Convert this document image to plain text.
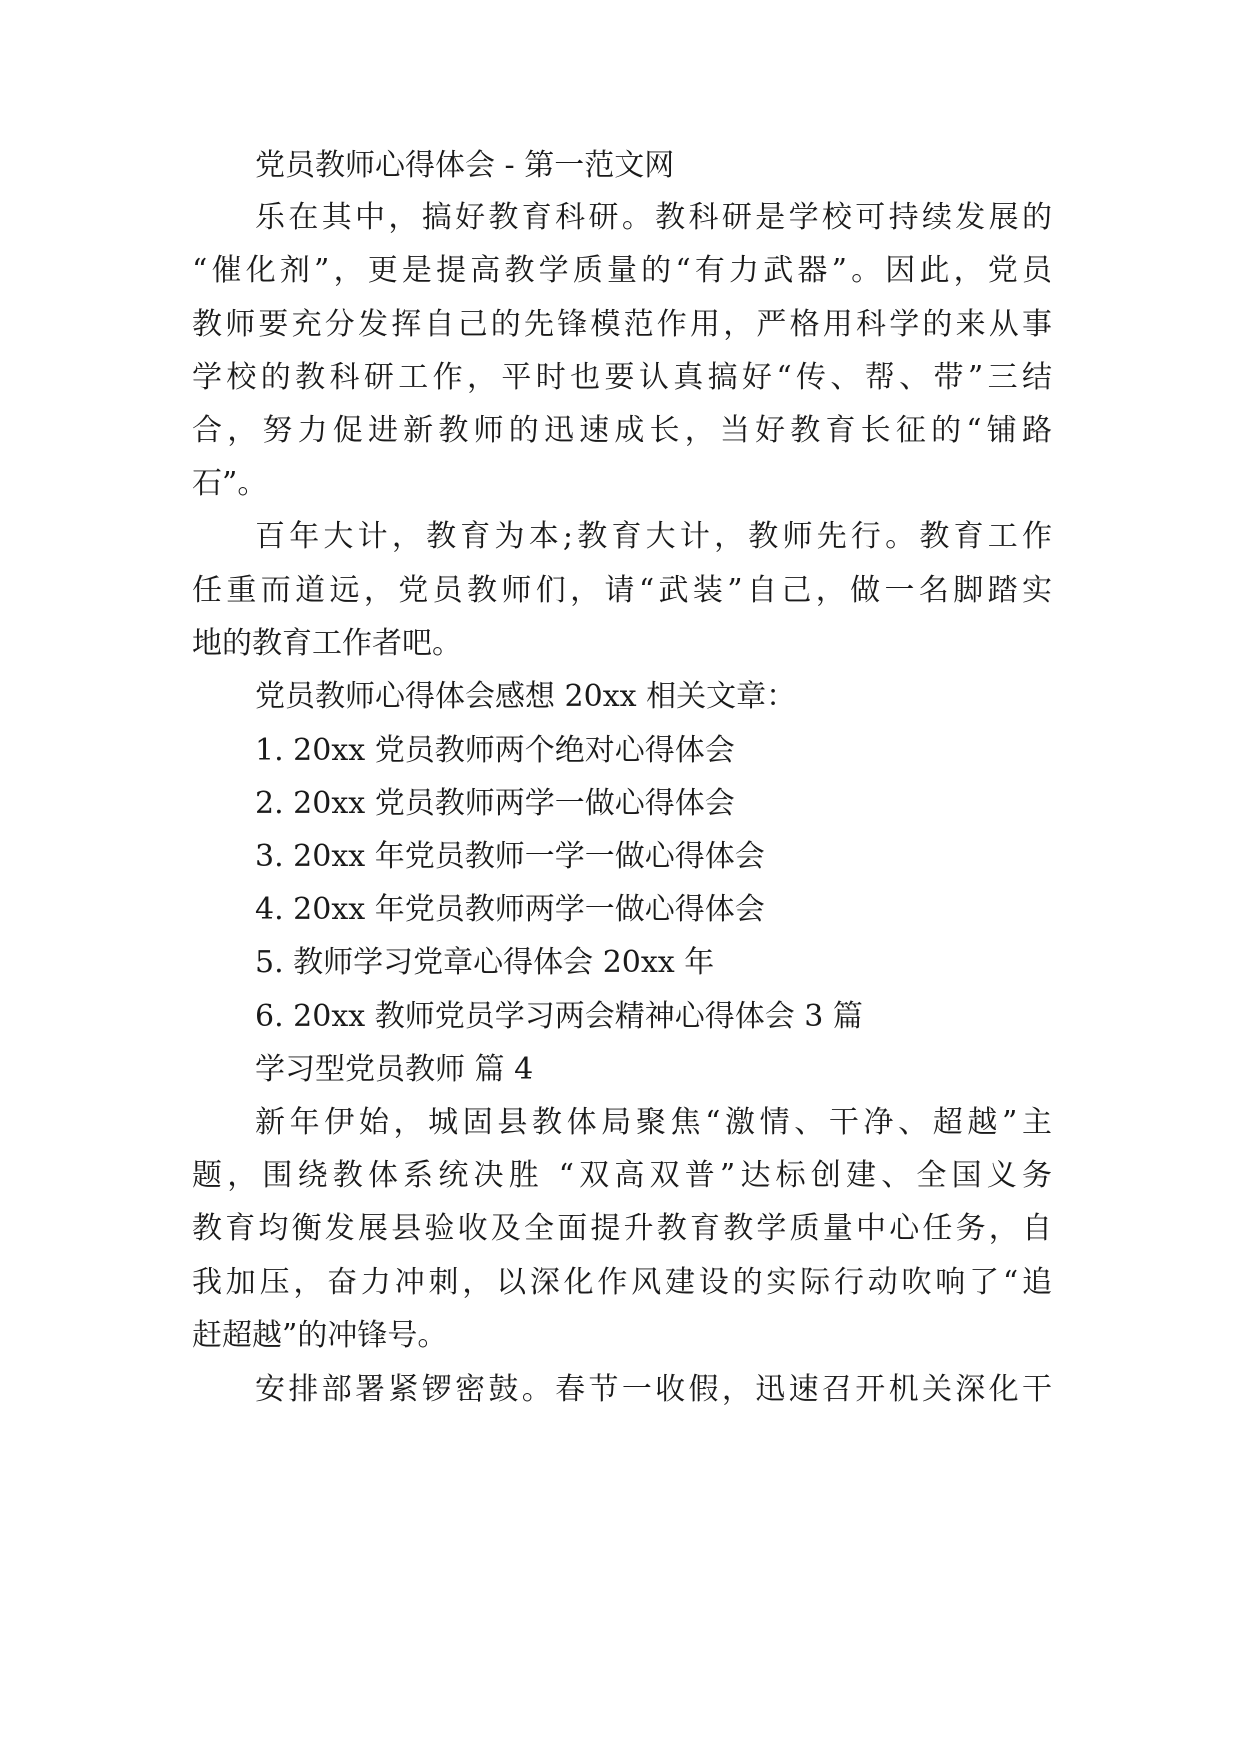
党员教师心得体会 - 第一范文网
乐在其中，搞好教育科研。教科研是学校可持续发展的
“催化剂”，更是提高教学质量的“有力武器”。因此，党员
教师要充分发挥自己的先锋模范作用，严格用科学的来从事
学校的教科研工作，平时也要认真搞好“传、帮、带”三结
合，努力促进新教师的迅速成长，当好教育长征的“铺路
石”。
百年大计，教育为本;教育大计，教师先行。教育工作
任重而道远，党员教师们，请“武装”自己，做一名脚踏实
地的教育工作者吧。
党员教师心得体会感想 20xx 相关文章：
1. 20xx 党员教师两个绝对心得体会
2. 20xx 党员教师两学一做心得体会
3. 20xx 年党员教师一学一做心得体会
4. 20xx 年党员教师两学一做心得体会
5. 教师学习党章心得体会 20xx 年
6. 20xx 教师党员学习两会精神心得体会 3 篇
学习型党员教师 篇 4
新年伊始，城固县教体局聚焦“激情、干净、超越”主
题，围绕教体系统决胜 “双高双普”达标创建、全国义务
教育均衡发展县验收及全面提升教育教学质量中心任务，自
我加压，奋力冲刺，以深化作风建设的实际行动吹响了“追
赶超越”的冲锋号。
安排部署紧锣密鼓。春节一收假，迅速召开机关深化干
